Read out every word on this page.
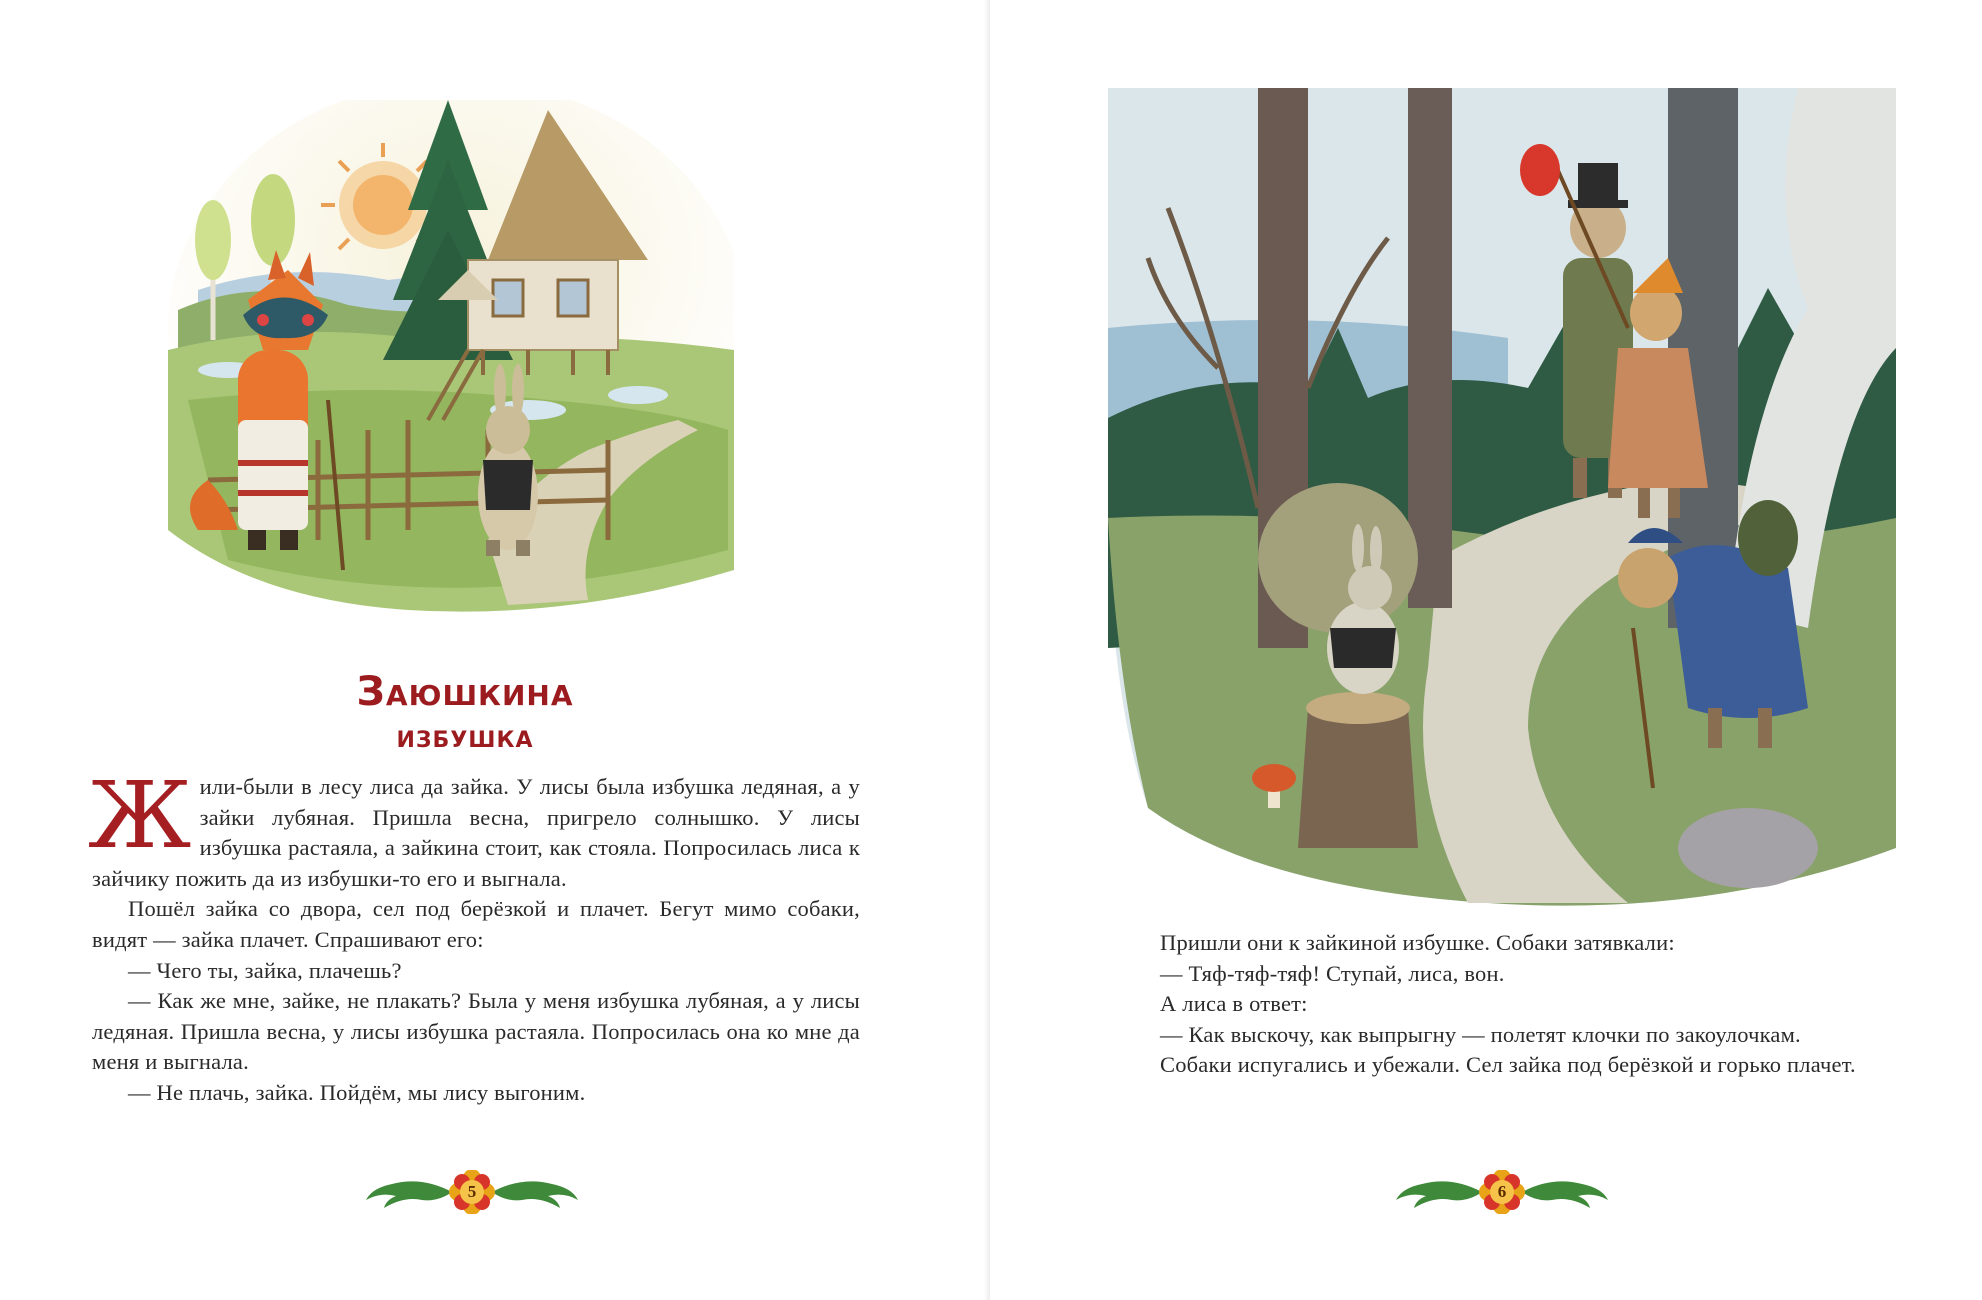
Заюшкина
избушка

Жили-были в лесу лиса да зайка. У лисы была избушка ледяная, а у зайки лубяная. Пришла весна, пригрело солнышко. У лисы избушка растаяла, а зайкина стоит, как стояла. Попросилась лиса к зайчику пожить да из избушки-то его и выгнала.

Пошёл зайка со двора, сел под берёзкой и плачет. Бегут мимо собаки, видят — зайка плачет. Спрашивают его:

— Чего ты, зайка, плачешь?

— Как же мне, зайке, не плакать? Была у меня избушка лубяная, а у лисы ледяная. Пришла весна, у лисы избушка растаяла. Попросилась она ко мне да меня и выгнала.

— Не плачь, зайка. Пойдём, мы лису выгоним.

5

Пришли они к зайкиной избушке. Собаки затявкали:

— Тяф-тяф-тяф! Ступай, лиса, вон.

А лиса в ответ:

— Как выскочу, как выпрыгну — полетят клочки по закоулочкам.

Собаки испугались и убежали. Сел зайка под берёзкой и горько плачет.

6
